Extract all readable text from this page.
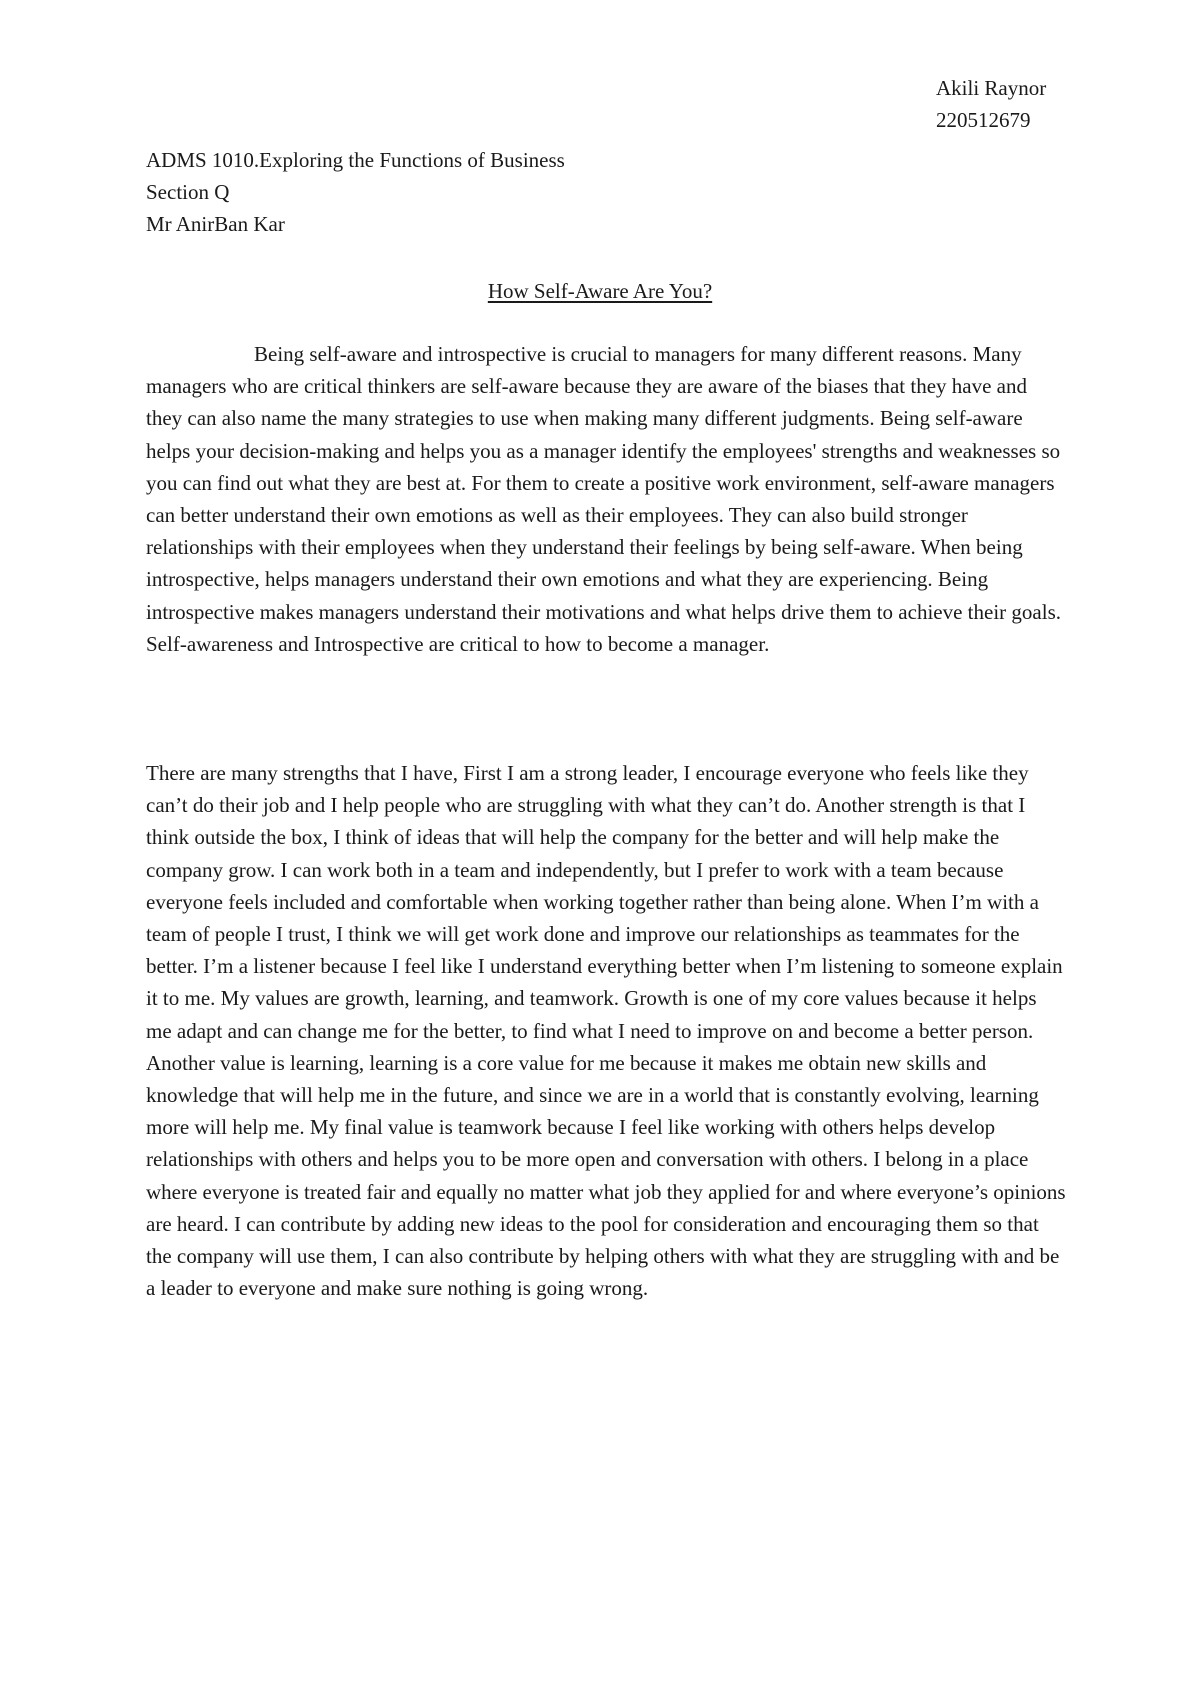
Akili Raynor
220512679
ADMS 1010.Exploring the Functions of Business
Section Q
Mr AnirBan Kar
How Self-Aware Are You?

Being self-aware and introspective is crucial to managers for many different reasons. Many managers who are critical thinkers are self-aware because they are aware of the biases that they have and they can also name the many strategies to use when making many different judgments. Being self-aware helps your decision-making and helps you as a manager identify the employees' strengths and weaknesses so you can find out what they are best at. For them to create a positive work environment, self-aware managers can better understand their own emotions as well as their employees. They can also build stronger relationships with their employees when they understand their feelings by being self-aware. When being introspective, helps managers understand their own emotions and what they are experiencing. Being introspective makes managers understand their motivations and what helps drive them to achieve their goals. Self-awareness and Introspective are critical to how to become a manager.

There are many strengths that I have, First I am a strong leader, I encourage everyone who feels like they can’t do their job and I help people who are struggling with what they can’t do. Another strength is that I think outside the box, I think of ideas that will help the company for the better and will help make the company grow. I can work both in a team and independently, but I prefer to work with a team because everyone feels included and comfortable when working together rather than being alone. When I’m with a team of people I trust, I think we will get work done and improve our relationships as teammates for the better. I’m a listener because I feel like I understand everything better when I’m listening to someone explain it to me. My values are growth, learning, and teamwork. Growth is one of my core values because it helps me adapt and can change me for the better, to find what I need to improve on and become a better person. Another value is learning, learning is a core value for me because it makes me obtain new skills and knowledge that will help me in the future, and since we are in a world that is constantly evolving, learning more will help me. My final value is teamwork because I feel like working with others helps develop relationships with others and helps you to be more open and conversation with others. I belong in a place where everyone is treated fair and equally no matter what job they applied for and where everyone’s opinions are heard. I can contribute by adding new ideas to the pool for consideration and encouraging them so that the company will use them, I can also contribute by helping others with what they are struggling with and be a leader to everyone and make sure nothing is going wrong.
